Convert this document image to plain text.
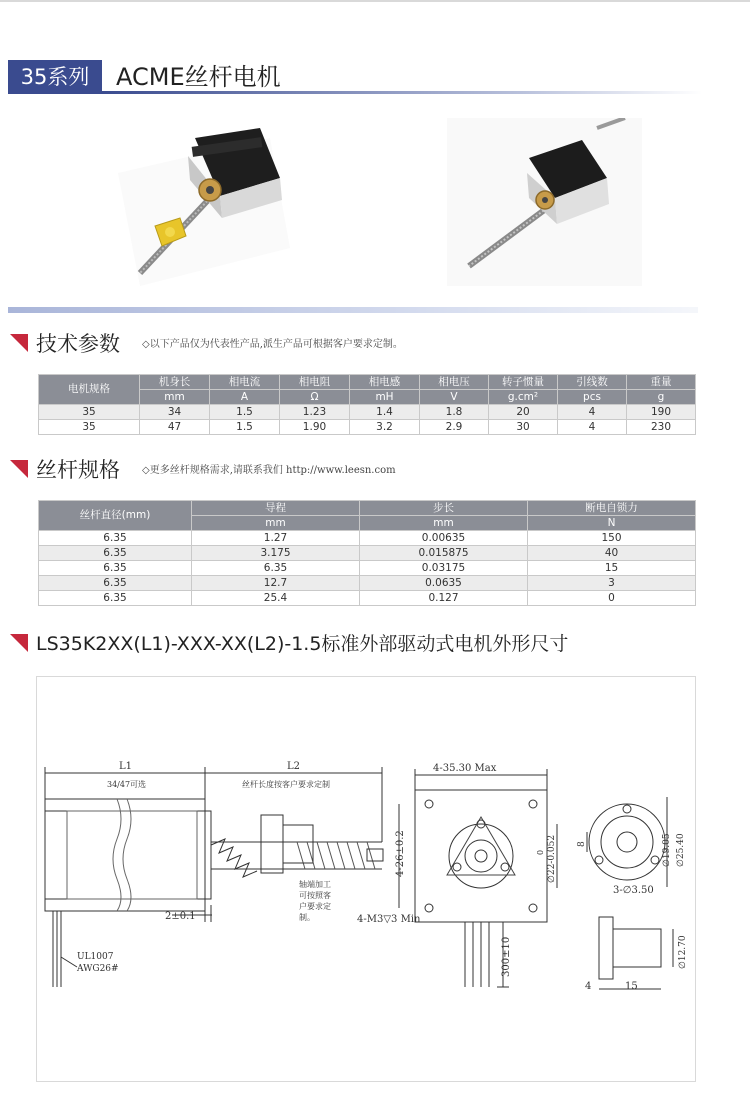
35系列	ACME丝杆电机
技术参数 ◇以下产品仅为代表性产品,派生产品可根据客户要求定制。
电机规格	机身长	相电流	相电阻	相电感	相电压	转子惯量	引线数	重量
	mm	A	Ω	mH	V	g.cm²	pcs	g
35	34	1.5	1.23	1.4	1.8	20	4	190
35	47	1.5	1.90	3.2	2.9	30	4	230
丝杆规格 ◇更多丝杆规格需求,请联系我们 http://www.leesn.com
丝杆直径(mm)	导程	步长	断电自锁力
	mm	mm	N
6.35	1.27	0.00635	150
6.35	3.175	0.015875	40
6.35	6.35	0.03175	15
6.35	12.7	0.0635	3
6.35	25.4	0.127	0
LS35K2XX(L1)-XXX-XX(L2)-1.5标准外部驱动式电机外形尺寸
L1
34/47可选
L2
丝杆长度按客户要求定制
4-35.30 Max
轴端加工
可按照客
户要求定
制。
2±0.1	4-M3▽3 Min
UL1007
AWG26#
4-26±0.2	∅22-0.052
0
300±10
∅19.05 ∅25.40
8
3-∅3.50
∅12.70
4	15
